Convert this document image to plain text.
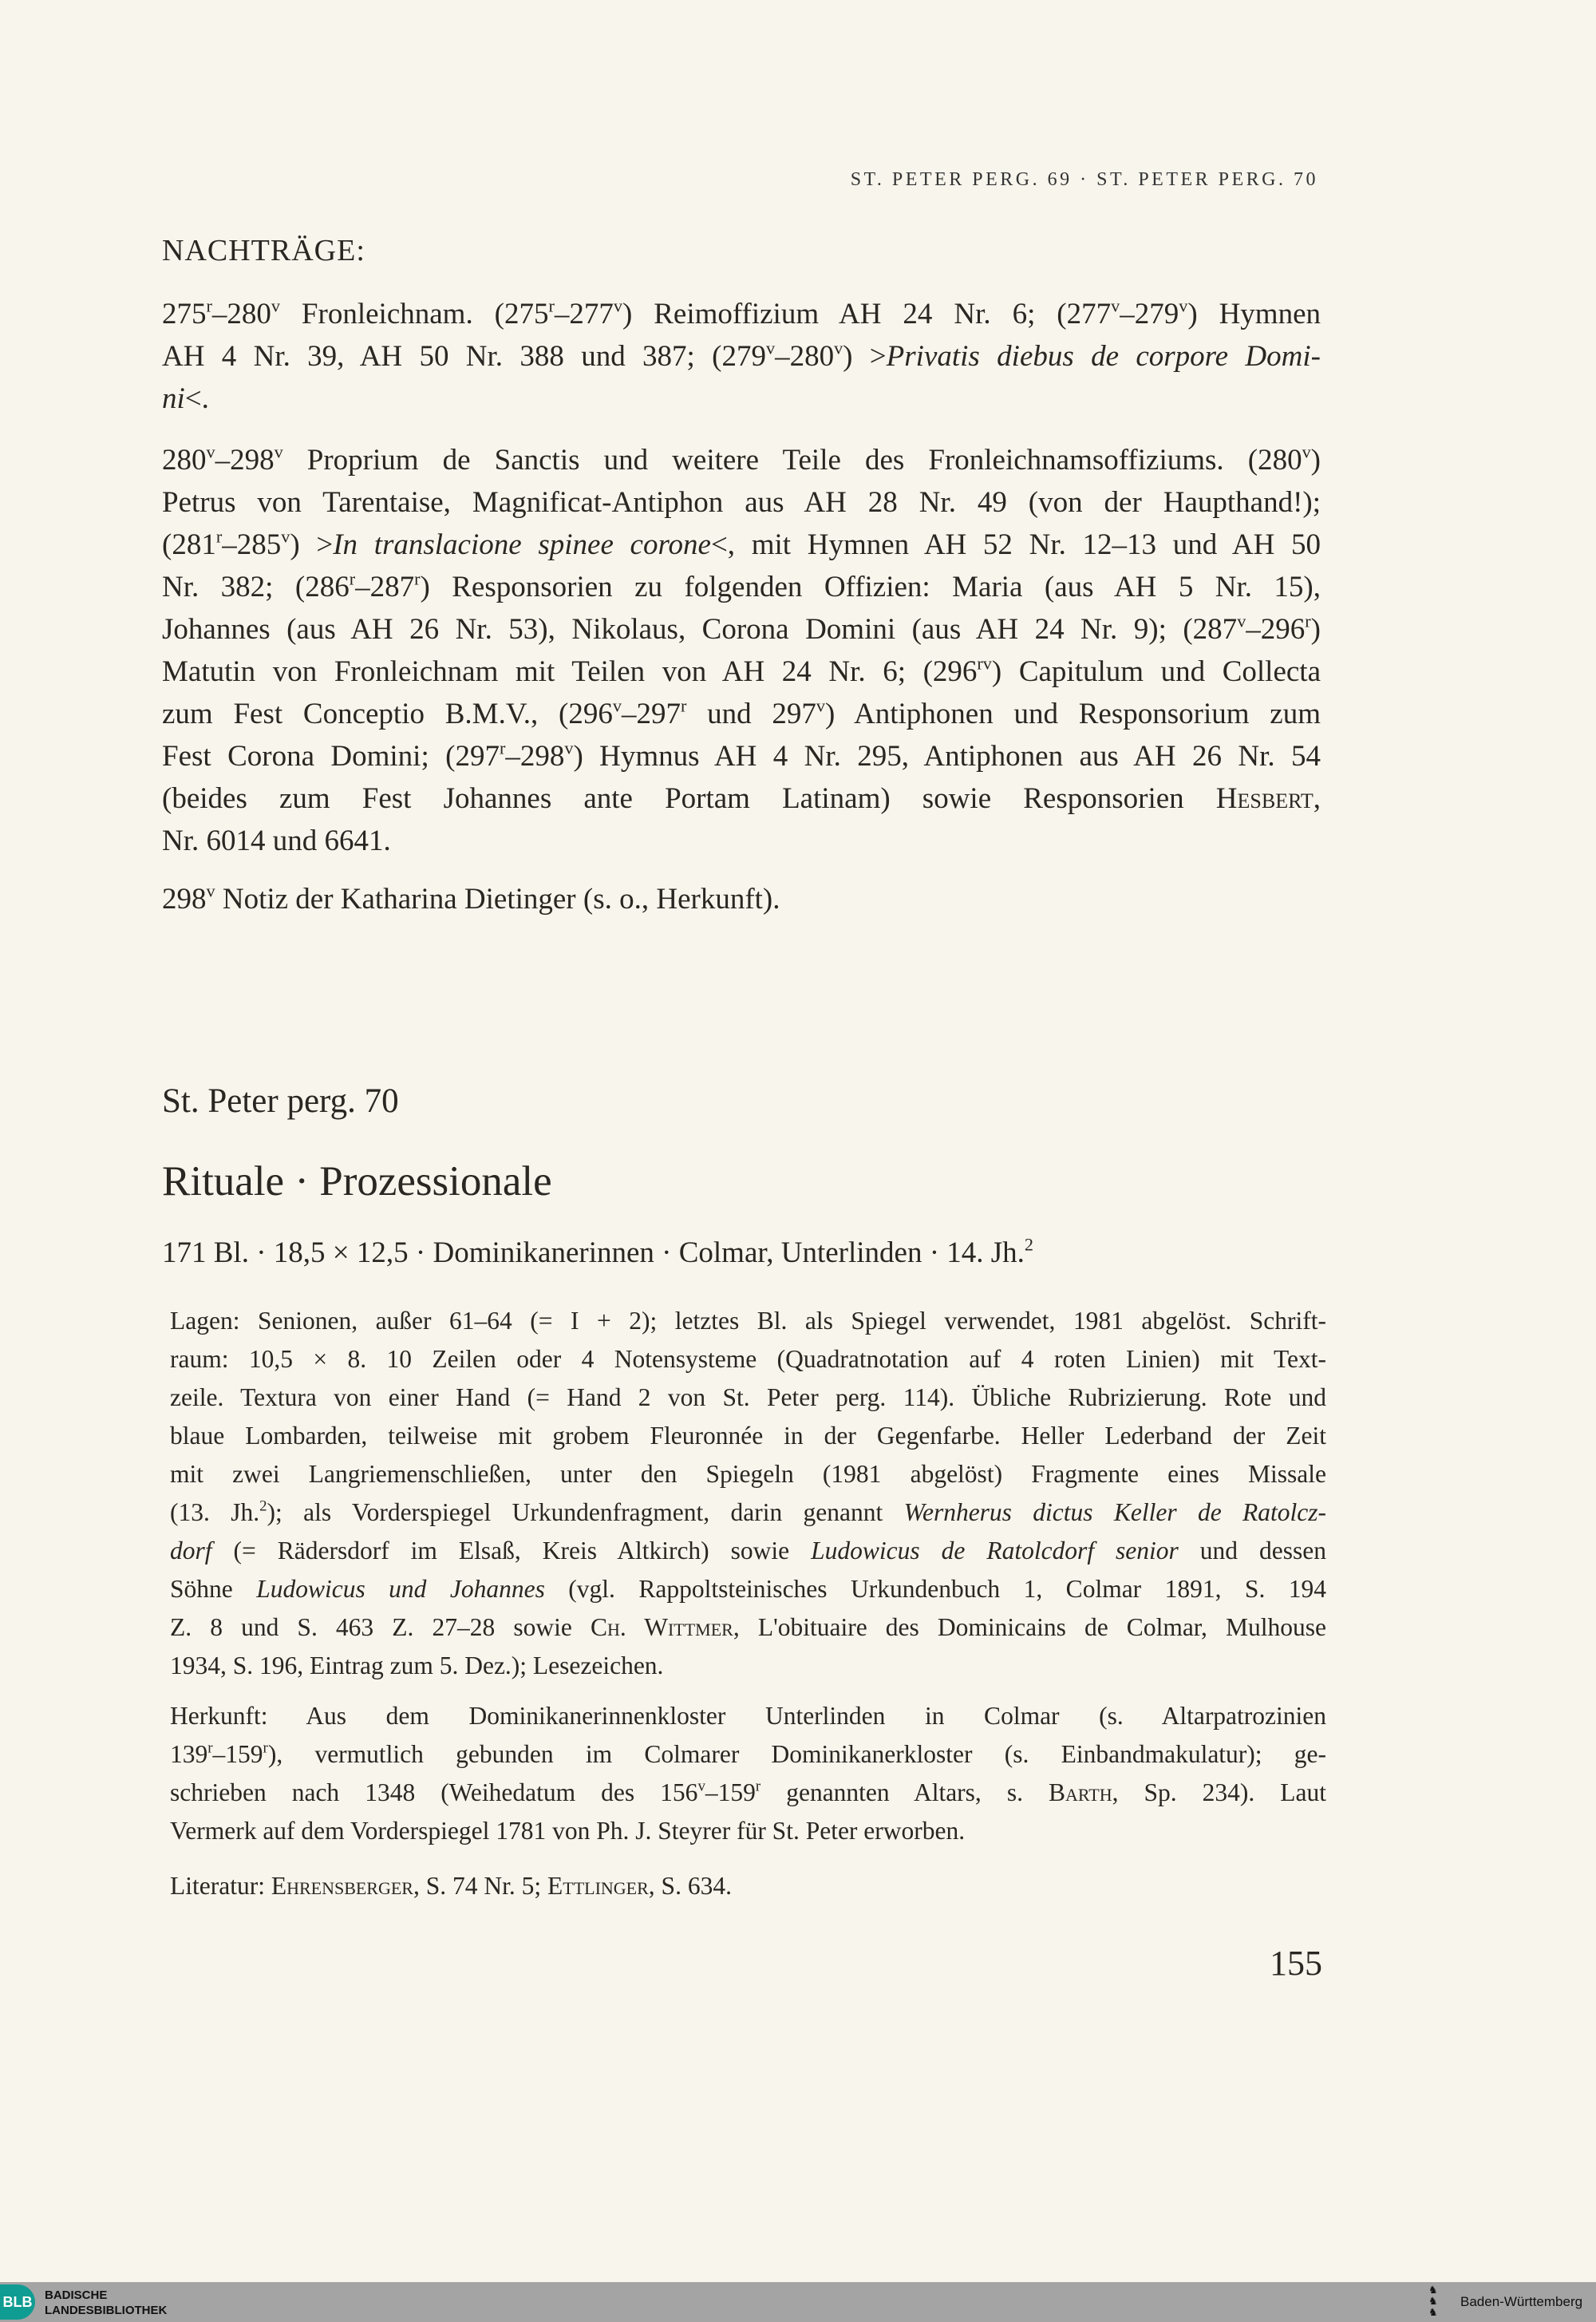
ST. PETER PERG. 69 · ST. PETER PERG. 70
NACHTRÄGE:
275$^r$–280$^v$ Fronleichnam. (275$^r$–277$^v$) Reimoffizium AH 24 Nr. 6; (277$^v$–279$^v$) Hymnen
AH 4 Nr. 39, AH 50 Nr. 388 und 387; $(279^v-280^v)$ >Privatis diebus de corpore Domi-
ni<.
280$^v$–298$^v$ Proprium de Sanctis und weitere Teile des Fronleichnamsoffiziums. (280$^v$)
Petrus von Tarentaise, Magnificat-Antiphon aus AH 28 Nr. 49 (von der Haupthand!);
$(281^r-285^v) >In$ translacione spinee corone<, mit Hymnen AH 52 Nr. 12–13 und AH 50
Nr. 382; (286$^r$–287$^r$) Responsorien zu folgenden Offizien: Maria (aus AH 5 Nr. 15),
Johannes (aus AH 26 Nr. 53), Nikolaus, Corona Domini (aus AH 24 Nr. 9); (287$^v$–296$^r$)
Matutin von Fronleichnam mit Teilen von AH 24 Nr. 6; $(296^{rv})$ Capitulum und Collecta
zum Fest Conceptio B.M.V., (296$^v$–297$^r$ und 297$^v$) Antiphonen und Responsorium zum
Fest Corona Domini; (297$^r$–298$^v$) Hymnus AH 4 Nr. 295, Antiphonen aus AH 26 Nr. 54
(beides zum Fest Johannes ante Portam Latinam) sowie Responsorien Hesbert,
Nr. 6014 und 6641.
298$^v$ Notiz der Katharina Dietinger (s. o., Herkunft).
St. Peter perg. 70
Rituale · Prozessionale
171 Bl. · 18,5 × 12,5 · Dominikanerinnen · Colmar, Unterlinden · 14. Jh.$^2$
Lagen: Senionen, außer 61–64 (= I + 2); letztes Bl. als Spiegel verwendet, 1981 abgelöst. Schrift-
raum: 10,5 × 8. 10 Zeilen oder 4 Notensysteme (Quadratnotation auf 4 roten Linien) mit Text-
zeile. Textura von einer Hand (= Hand 2 von St. Peter perg. 114). Übliche Rubrizierung. Rote und
blaue Lombarden, teilweise mit grobem Fleuronnée in der Gegenfarbe. Heller Lederband der Zeit
mit zwei Langriemenschließen, unter den Spiegeln (1981 abgelöst) Fragmente eines Missale
(13. Jh.$^2$); als Vorderspiegel Urkundenfragment, darin genannt Wernherus dictus Keller de Ratolcz-
dorf (= Rädersdorf im Elsaß, Kreis Altkirch) sowie Ludowicus de Ratolcdorf senior und dessen
Söhne Ludowicus und Johannes (vgl. Rappoltsteinisches Urkundenbuch 1, Colmar 1891, S. 194
Z. 8 und S. 463 Z. 27–28 sowie Ch. Wittmer, L'obituaire des Dominicains de Colmar, Mulhouse
1934, S. 196, Eintrag zum 5. Dez.); Lesezeichen.
Herkunft: Aus dem Dominikanerinnenkloster Unterlinden in Colmar (s. Altarpatrozinien
139$^r$–159$^r$), vermutlich gebunden im Colmarer Dominikanerkloster (s. Einbandmakulatur); ge-
schrieben nach 1348 (Weihedatum des 156$^v$–159$^r$ genannten Altars, s. Barth, Sp. 234). Laut
Vermerk auf dem Vorderspiegel 1781 von Ph. J. Steyrer für St. Peter erworben.
Literatur: Ehrensberger, S. 74 Nr. 5; Ettlinger, S. 634.
155
BLB BADISCHE
LANDESBIBLIOTHEK
♞
♞
♞
Baden-Württemberg
